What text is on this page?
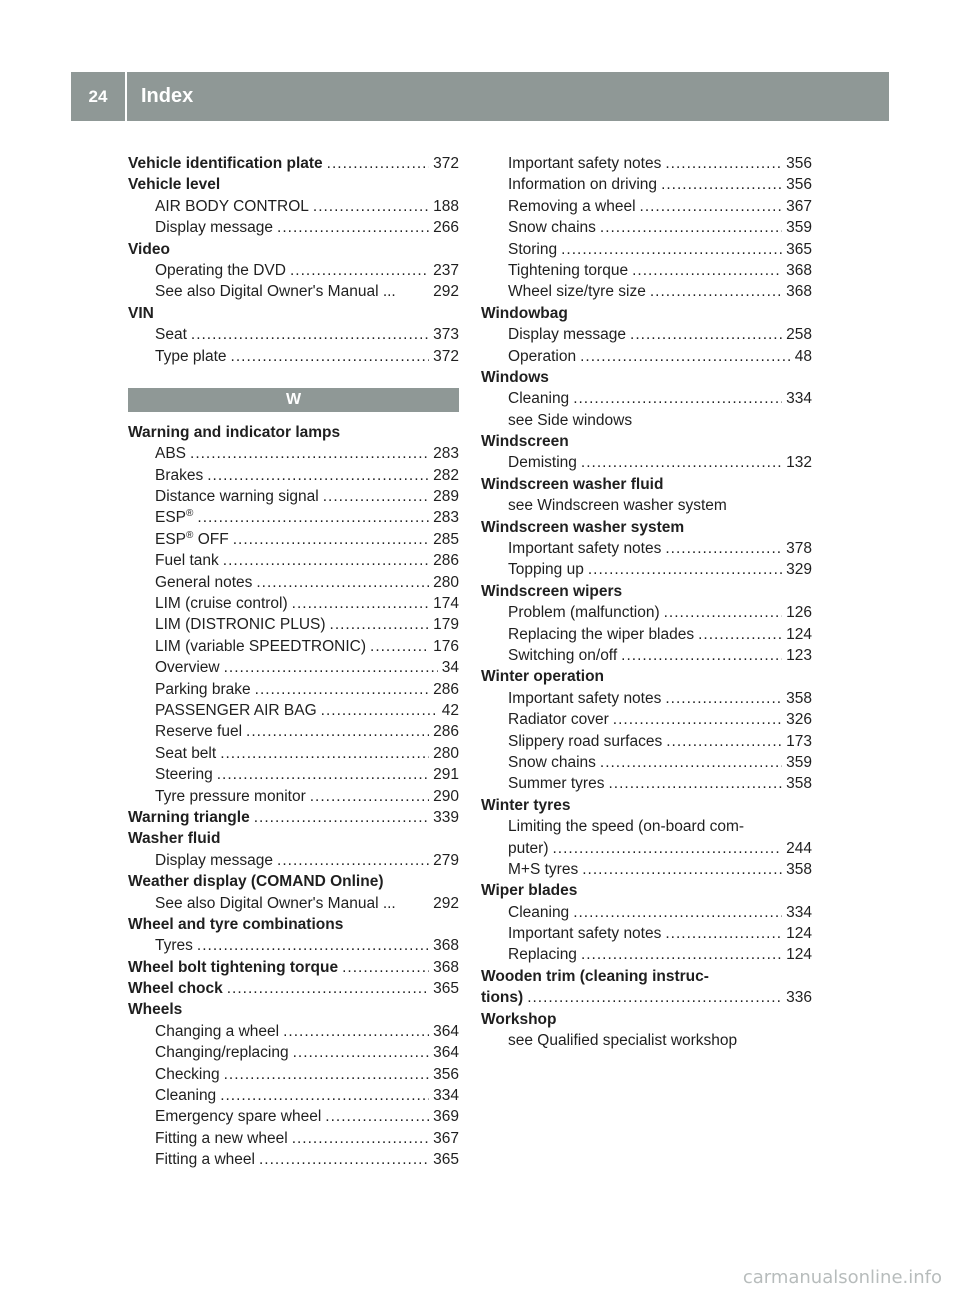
24	Index
Vehicle identification plate .....	372
Vehicle level
AIR BODY CONTROL .....	188
Display message .....	266
Video
Operating the DVD .....	237
See also Digital Owner's Manual ... 292
VIN
Seat .....	373
Type plate .....	372
W
Warning and indicator lamps
ABS .....	283
Brakes .....	282
Distance warning signal .....	289
ESP® .....	283
ESP® OFF .....	285
Fuel tank .....	286
General notes .....	280
LIM (cruise control) .....	174
LIM (DISTRONIC PLUS) .....	179
LIM (variable SPEEDTRONIC) .....	176
Overview .....	34
Parking brake .....	286
PASSENGER AIR BAG .....	42
Reserve fuel .....	286
Seat belt .....	280
Steering .....	291
Tyre pressure monitor .....	290
Warning triangle .....	339
Washer fluid
Display message .....	279
Weather display (COMAND Online)
See also Digital Owner's Manual ... 292
Wheel and tyre combinations
Tyres .....	368
Wheel bolt tightening torque .....	368
Wheel chock .....	365
Wheels
Changing a wheel .....	364
Changing/replacing .....	364
Checking .....	356
Cleaning .....	334
Emergency spare wheel .....	369
Fitting a new wheel .....	367
Fitting a wheel .....	365
Important safety notes .....	356
Information on driving .....	356
Removing a wheel .....	367
Snow chains .....	359
Storing .....	365
Tightening torque .....	368
Wheel size/tyre size .....	368
Windowbag
Display message .....	258
Operation .....	48
Windows
Cleaning .....	334
see Side windows
Windscreen
Demisting .....	132
Windscreen washer fluid
see Windscreen washer system
Windscreen washer system
Important safety notes .....	378
Topping up .....	329
Windscreen wipers
Problem (malfunction) .....	126
Replacing the wiper blades .....	124
Switching on/off .....	123
Winter operation
Important safety notes .....	358
Radiator cover .....	326
Slippery road surfaces .....	173
Snow chains .....	359
Summer tyres .....	358
Winter tyres
Limiting the speed (on-board com-
puter) .....	244
M+S tyres .....	358
Wiper blades
Cleaning .....	334
Important safety notes .....	124
Replacing .....	124
Wooden trim (cleaning instruc-
tions) .....	336
Workshop
see Qualified specialist workshop
carmanualsonline.info
